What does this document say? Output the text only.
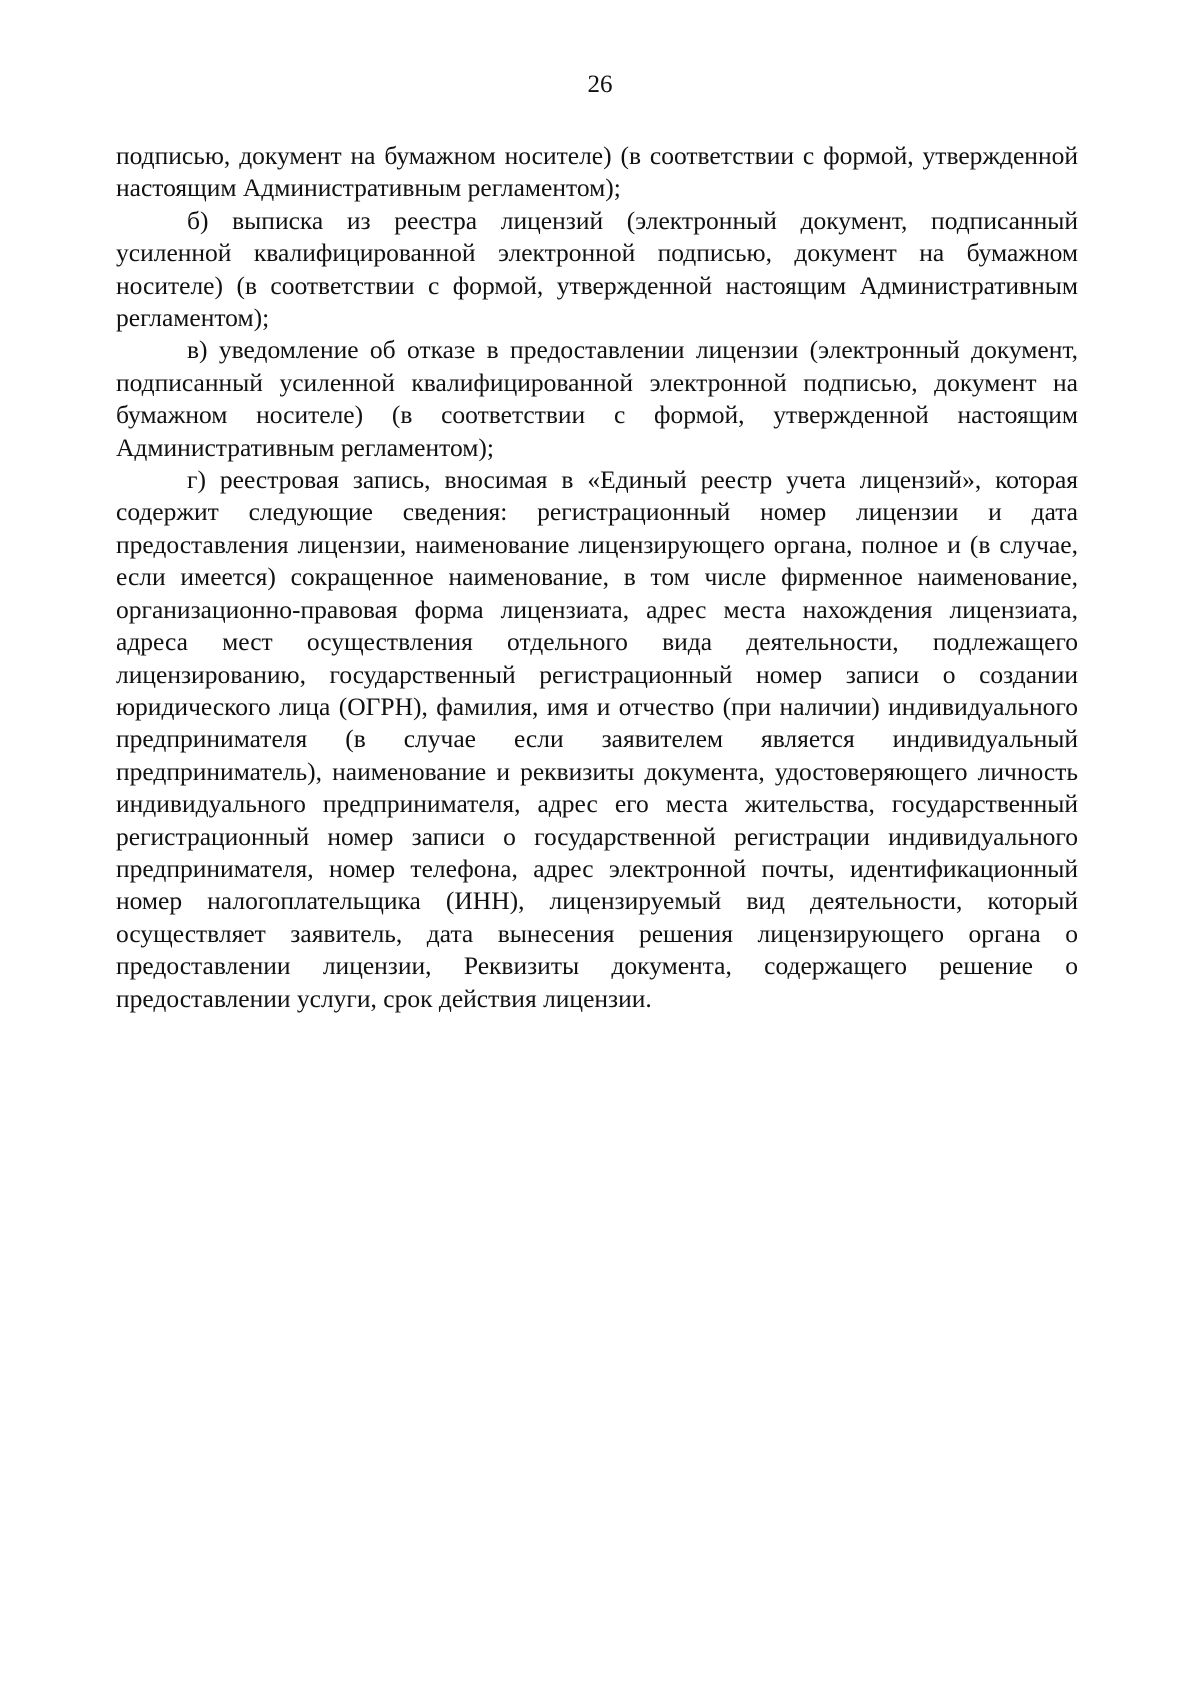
26

подписью, документ на бумажном носителе) (в соответствии с формой, утвержденной настоящим Административным регламентом);

б) выписка из реестра лицензий (электронный документ, подписанный усиленной квалифицированной электронной подписью, документ на бумажном носителе) (в соответствии с формой, утвержденной настоящим Административным регламентом);

в) уведомление об отказе в предоставлении лицензии (электронный документ, подписанный усиленной квалифицированной электронной подписью, документ на бумажном носителе) (в соответствии с формой, утвержденной настоящим Административным регламентом);

г) реестровая запись, вносимая в «Единый реестр учета лицензий», которая содержит следующие сведения: регистрационный номер лицензии и дата предоставления лицензии, наименование лицензирующего органа, полное и (в случае, если имеется) сокращенное наименование, в том числе фирменное наименование, организационно-правовая форма лицензиата, адрес места нахождения лицензиата, адреса мест осуществления отдельного вида деятельности, подлежащего лицензированию, государственный регистрационный номер записи о создании юридического лица (ОГРН), фамилия, имя и отчество (при наличии) индивидуального предпринимателя (в случае если заявителем является индивидуальный предприниматель), наименование и реквизиты документа, удостоверяющего личность индивидуального предпринимателя, адрес его места жительства, государственный регистрационный номер записи о государственной регистрации индивидуального предпринимателя, номер телефона, адрес электронной почты, идентификационный номер налогоплательщика (ИНН), лицензируемый вид деятельности, который осуществляет заявитель, дата вынесения решения лицензирующего органа о предоставлении лицензии, Реквизиты документа, содержащего решение о предоставлении услуги, срок действия лицензии.
